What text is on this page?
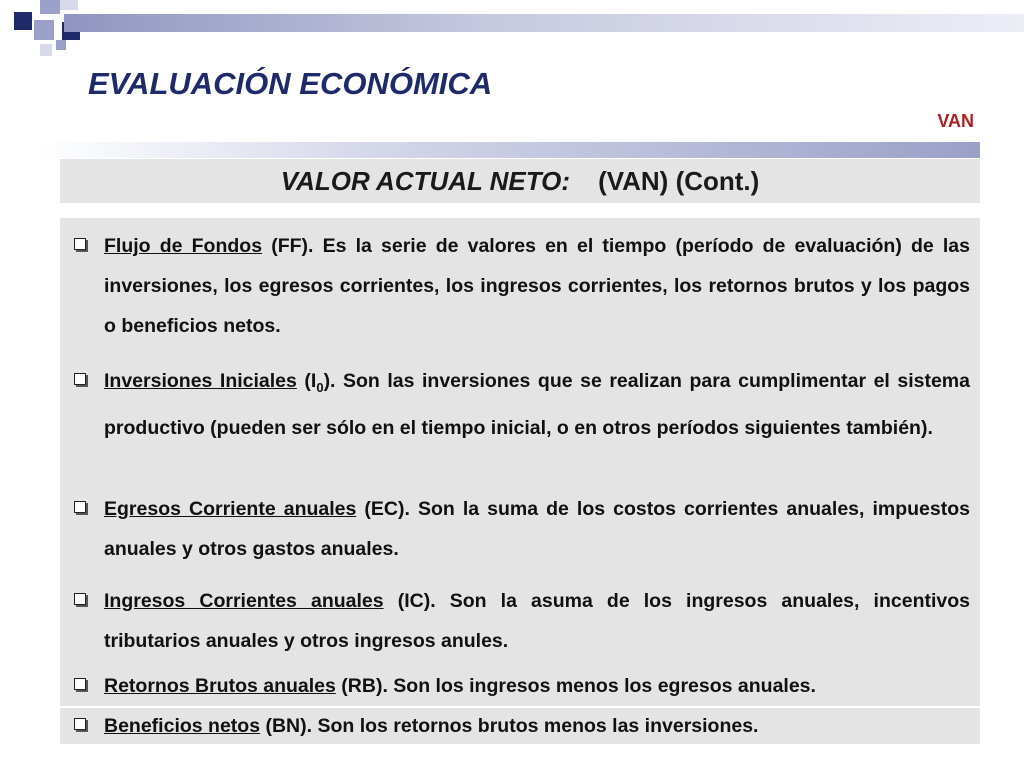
EVALUACIÓN ECONÓMICA
VAN
VALOR ACTUAL NETO: (VAN) (Cont.)
Flujo de Fondos (FF). Es la serie de valores en el tiempo (período de evaluación) de las inversiones, los egresos corrientes, los ingresos corrientes, los retornos brutos y los pagos o beneficios netos.
Inversiones Iniciales $(I_0)$. Son las inversiones que se realizan para cumplimentar el sistema productivo (pueden ser sólo en el tiempo inicial, o en otros períodos siguientes también).
Egresos Corriente anuales (EC). Son la suma de los costos corrientes anuales, impuestos anuales y otros gastos anuales.
Ingresos Corrientes anuales (IC). Son la asuma de los ingresos anuales, incentivos tributarios anuales y otros ingresos anules.
Retornos Brutos anuales (RB). Son los ingresos menos los egresos anuales.
Beneficios netos (BN). Son los retornos brutos menos las inversiones.
